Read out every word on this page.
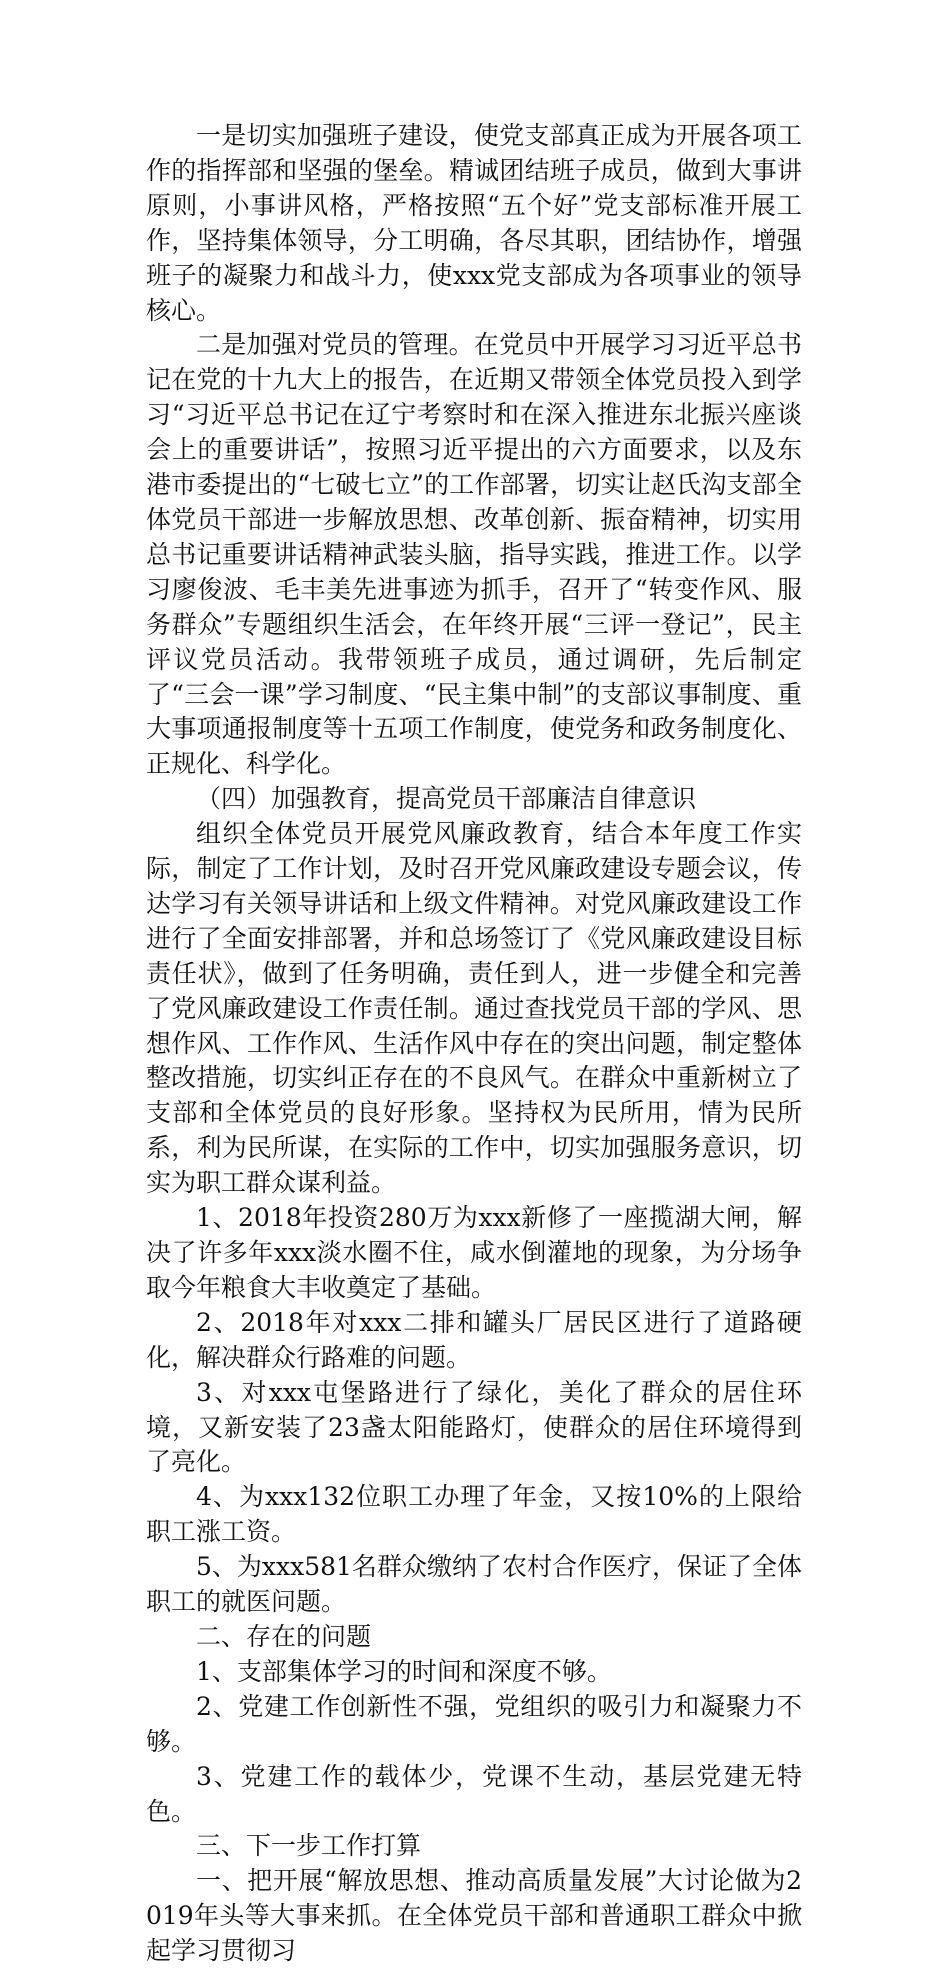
一是切实加强班子建设，使党支部真正成为开展各项工作的指挥部和坚强的堡垒。精诚团结班子成员，做到大事讲原则，小事讲风格，严格按照“五个好”党支部标准开展工作，坚持集体领导，分工明确，各尽其职，团结协作，增强班子的凝聚力和战斗力，使xxx党支部成为各项事业的领导核心。

二是加强对党员的管理。在党员中开展学习习近平总书记在党的十九大上的报告，在近期又带领全体党员投入到学习“习近平总书记在辽宁考察时和在深入推进东北振兴座谈会上的重要讲话”，按照习近平提出的六方面要求，以及东港市委提出的“七破七立”的工作部署，切实让赵氏沟支部全体党员干部进一步解放思想、改革创新、振奋精神，切实用总书记重要讲话精神武装头脑，指导实践，推进工作。以学习廖俊波、毛丰美先进事迹为抓手，召开了“转变作风、服务群众”专题组织生活会，在年终开展“三评一登记”，民主评议党员活动。我带领班子成员，通过调研，先后制定了“三会一课”学习制度、“民主集中制”的支部议事制度、重大事项通报制度等十五项工作制度，使党务和政务制度化、正规化、科学化。

（四）加强教育，提高党员干部廉洁自律意识

组织全体党员开展党风廉政教育，结合本年度工作实际，制定了工作计划，及时召开党风廉政建设专题会议，传达学习有关领导讲话和上级文件精神。对党风廉政建设工作进行了全面安排部署，并和总场签订了《党风廉政建设目标责任状》，做到了任务明确，责任到人，进一步健全和完善了党风廉政建设工作责任制。通过查找党员干部的学风、思想作风、工作作风、生活作风中存在的突出问题，制定整体整改措施，切实纠正存在的不良风气。在群众中重新树立了支部和全体党员的良好形象。坚持权为民所用，情为民所系，利为民所谋，在实际的工作中，切实加强服务意识，切实为职工群众谋利益。

1、2018年投资280万为xxx新修了一座揽湖大闸，解决了许多年xxx淡水圈不住，咸水倒灌地的现象，为分场争取今年粮食大丰收奠定了基础。

2、2018年对xxx二排和罐头厂居民区进行了道路硬化，解决群众行路难的问题。

3、对xxx屯堡路进行了绿化，美化了群众的居住环境，又新安装了23盏太阳能路灯，使群众的居住环境得到了亮化。

4、为xxx132位职工办理了年金，又按10%的上限给职工涨工资。

5、为xxx581名群众缴纳了农村合作医疗，保证了全体职工的就医问题。

二、存在的问题

1、支部集体学习的时间和深度不够。

2、党建工作创新性不强，党组织的吸引力和凝聚力不够。

3、党建工作的载体少，党课不生动，基层党建无特色。

三、下一步工作打算

一、把开展“解放思想、推动高质量发展”大讨论做为2019年头等大事来抓。在全体党员干部和普通职工群众中掀起学习贯彻习
